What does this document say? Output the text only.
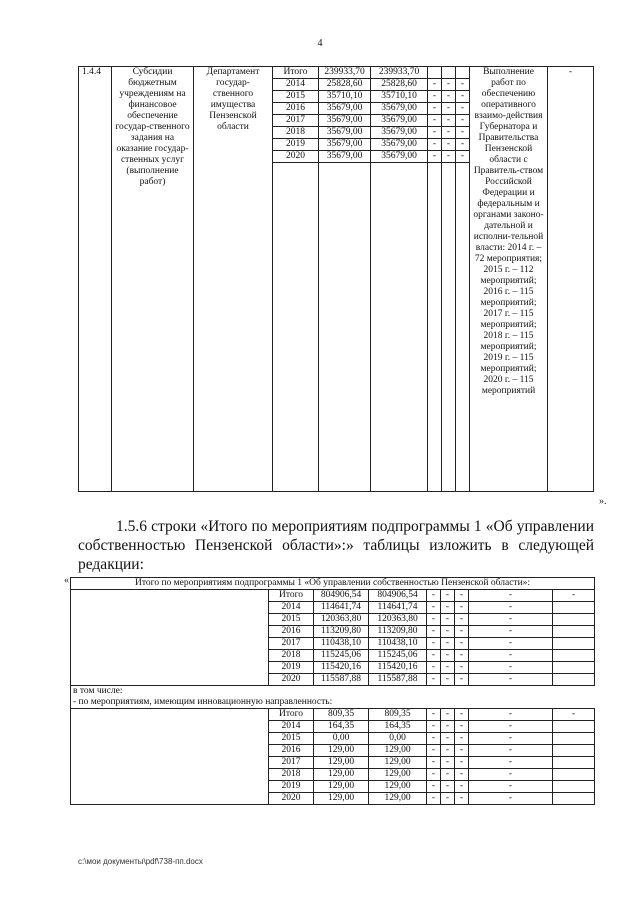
4
1.4.4	Субсидии бюджетным учреждениям на финансовое обеспечение государ-ственного задания на оказание государ-ственных услуг (выполнение работ)	Департамент государ-ственного имущества Пензенской области	Итого	239933,70	239933,70				Выполнение работ по обеспечению оперативного взаимо-действия Губернатора и Правительства Пензенской области с Правитель-ством Российской Федерации и федеральным и органами законо-дательной и исполни-тельной власти: 2014 г. – 72 мероприятия; 2015 г. – 112 мероприятий; 2016 г. – 115 мероприятий; 2017 г. – 115 мероприятий; 2018 г. – 115 мероприятий; 2019 г. – 115 мероприятий; 2020 г. – 115 мероприятий	-
			2014	25828,60	25828,60	-	-	-		
			2015	35710,10	35710,10	-	-	-		
			2016	35679,00	35679,00	-	-	-		
			2017	35679,00	35679,00	-	-	-		
			2018	35679,00	35679,00	-	-	-		
			2019	35679,00	35679,00	-	-	-		
			2020	35679,00	35679,00	-	-	-		

».
1.5.6 строки «Итого по мероприятиям подпрограммы 1 «Об управлении собственностью Пензенской области»:» таблицы изложить в следующей редакции:
«	Итого по мероприятиям подпрограммы 1 «Об управлении собственностью Пензенской области»:								
	Итого	804906,54	804906,54	-	-	-	-	-
	2014	114641,74	114641,74	-	-	-	-	
	2015	120363,80	120363,80	-	-	-	-	
	2016	113209,80	113209,80	-	-	-	-	
	2017	110438,10	110438,10	-	-	-	-	
	2018	115245,06	115245,06	-	-	-	-	
	2019	115420,16	115420,16	-	-	-	-	
	2020	115587,88	115587,88	-	-	-	-	
в том числе:								
- по мероприятиям, имеющим инновационную направленность:								
	Итого	809,35	809,35	-	-	-	-	-
	2014	164,35	164,35	-	-	-	-	
	2015	0,00	0,00	-	-	-	-	
	2016	129,00	129,00	-	-	-	-	
	2017	129,00	129,00	-	-	-	-	
	2018	129,00	129,00	-	-	-	-	
	2019	129,00	129,00	-	-	-	-	
	2020	129,00	129,00	-	-	-	-	
c:\мои документы\pdf\738-пп.docx
